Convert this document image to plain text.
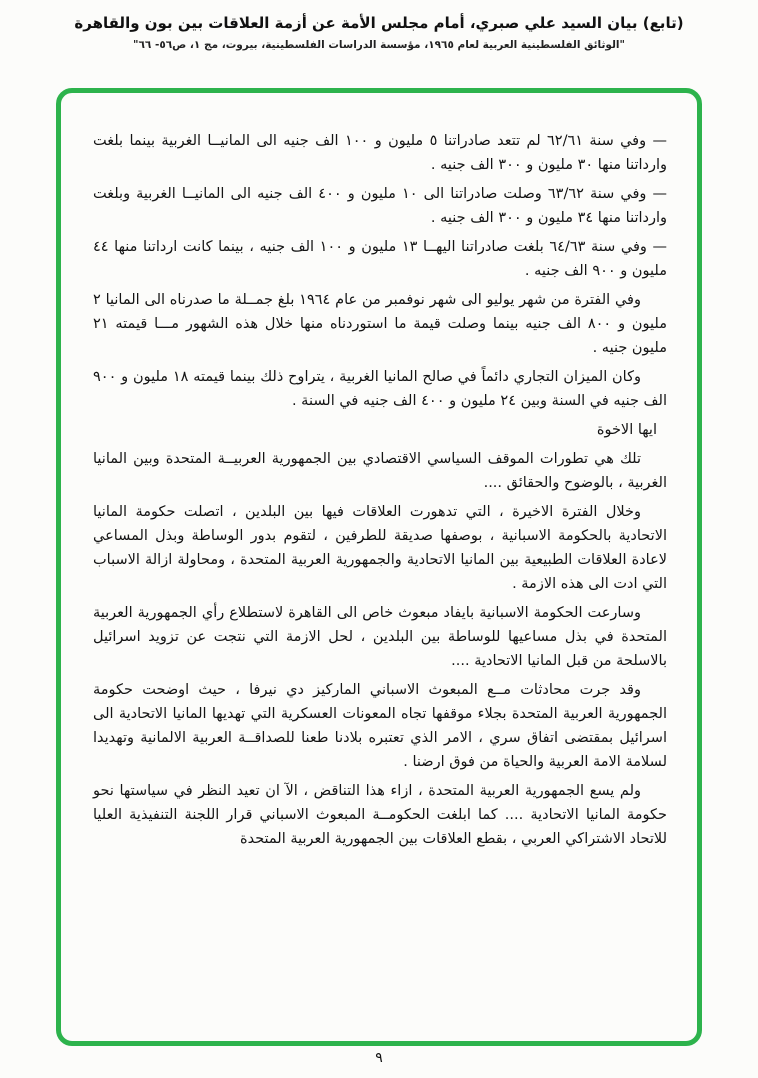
(تابع) بيان السيد علي صبري، أمام مجلس الأمة عن أزمة العلاقات بين بون والقاهرة
"الوثائق الفلسطينية العربية لعام ١٩٦٥، مؤسسة الدراسات الفلسطينية، بيروت، مج ١، ص٥٦- ٦٦"

— وفي سنة ٦٢/٦١ لم تتعد صادراتنا ٥ مليون و ١٠٠ الف جنيه الى المانيــا الغربية بينما بلغت وارداتنا منها ٣٠ مليون و ٣٠٠ الف جنيه .

— وفي سنة ٦٣/٦٢ وصلت صادراتنا الى ١٠ مليون و ٤٠٠ الف جنيه الى المانيــا الغربية وبلغت وارداتنا منها ٣٤ مليون و ٣٠٠ الف جنيه .

— وفي سنة ٦٤/٦٣ بلغت صادراتنا اليهــا ١٣ مليون و ١٠٠ الف جنيه ، بينما كانت ارداتنا منها ٤٤ مليون و ٩٠٠ الف جنيه .

وفي الفترة من شهر يوليو الى شهر نوفمبر من عام ١٩٦٤ بلغ جمــلة ما صدرناه الى المانيا ٢ مليون و ٨٠٠ الف جنيه بينما وصلت قيمة ما استوردناه منها خلال هذه الشهور مـــا قيمته ٢١ مليون جنيه .

وكان الميزان التجاري دائماً في صالح المانيا الغربية ، يتراوح ذلك بينما قيمته ١٨ مليون و ٩٠٠ الف جنيه في السنة وبين ٢٤ مليون و ٤٠٠ الف جنيه في السنة .

ايها الاخوة

تلك هي تطورات الموقف السياسي الاقتصادي بين الجمهورية العربيــة المتحدة وبين المانيا الغربية ، بالوضوح والحقائق ....

وخلال الفترة الاخيرة ، التي تدهورت العلاقات فيها بين البلدين ، اتصلت حكومة المانيا الاتحادية بالحكومة الاسبانية ، بوصفها صديقة للطرفين ، لتقوم بدور الوساطة وبذل المساعي لاعادة العلاقات الطبيعية بين المانيا الاتحادية والجمهورية العربية المتحدة ، ومحاولة ازالة الاسباب التي ادت الى هذه الازمة .

وسارعت الحكومة الاسبانية بايفاد مبعوث خاص الى القاهرة لاستطلاع رأي الجمهورية العربية المتحدة في بذل مساعيها للوساطة بين البلدين ، لحل الازمة التي نتجت عن تزويد اسرائيل بالاسلحة من قبل المانيا الاتحادية ....

وقد جرت محادثات مــع المبعوث الاسباني الماركيز دي نيرفا ، حيث اوضحت حكومة الجمهورية العربية المتحدة بجلاء موقفها تجاه المعونات العسكرية التي تهديها المانيا الاتحادية الى اسرائيل بمقتضى اتفاق سري ، الامر الذي تعتبره بلادنا طعنا للصداقــة العربية الالمانية وتهديدا لسلامة الامة العربية والحياة من فوق ارضنا .

ولم يسع الجمهورية العربية المتحدة ، ازاء هذا التناقض ، الآ ان تعيد النظر في سياستها نحو حكومة المانيا الاتحادية .... كما ابلغت الحكومــة المبعوث الاسباني قرار اللجنة التنفيذية العليا للاتحاد الاشتراكي العربي ، بقطع العلاقات بين الجمهورية العربية المتحدة

٩
